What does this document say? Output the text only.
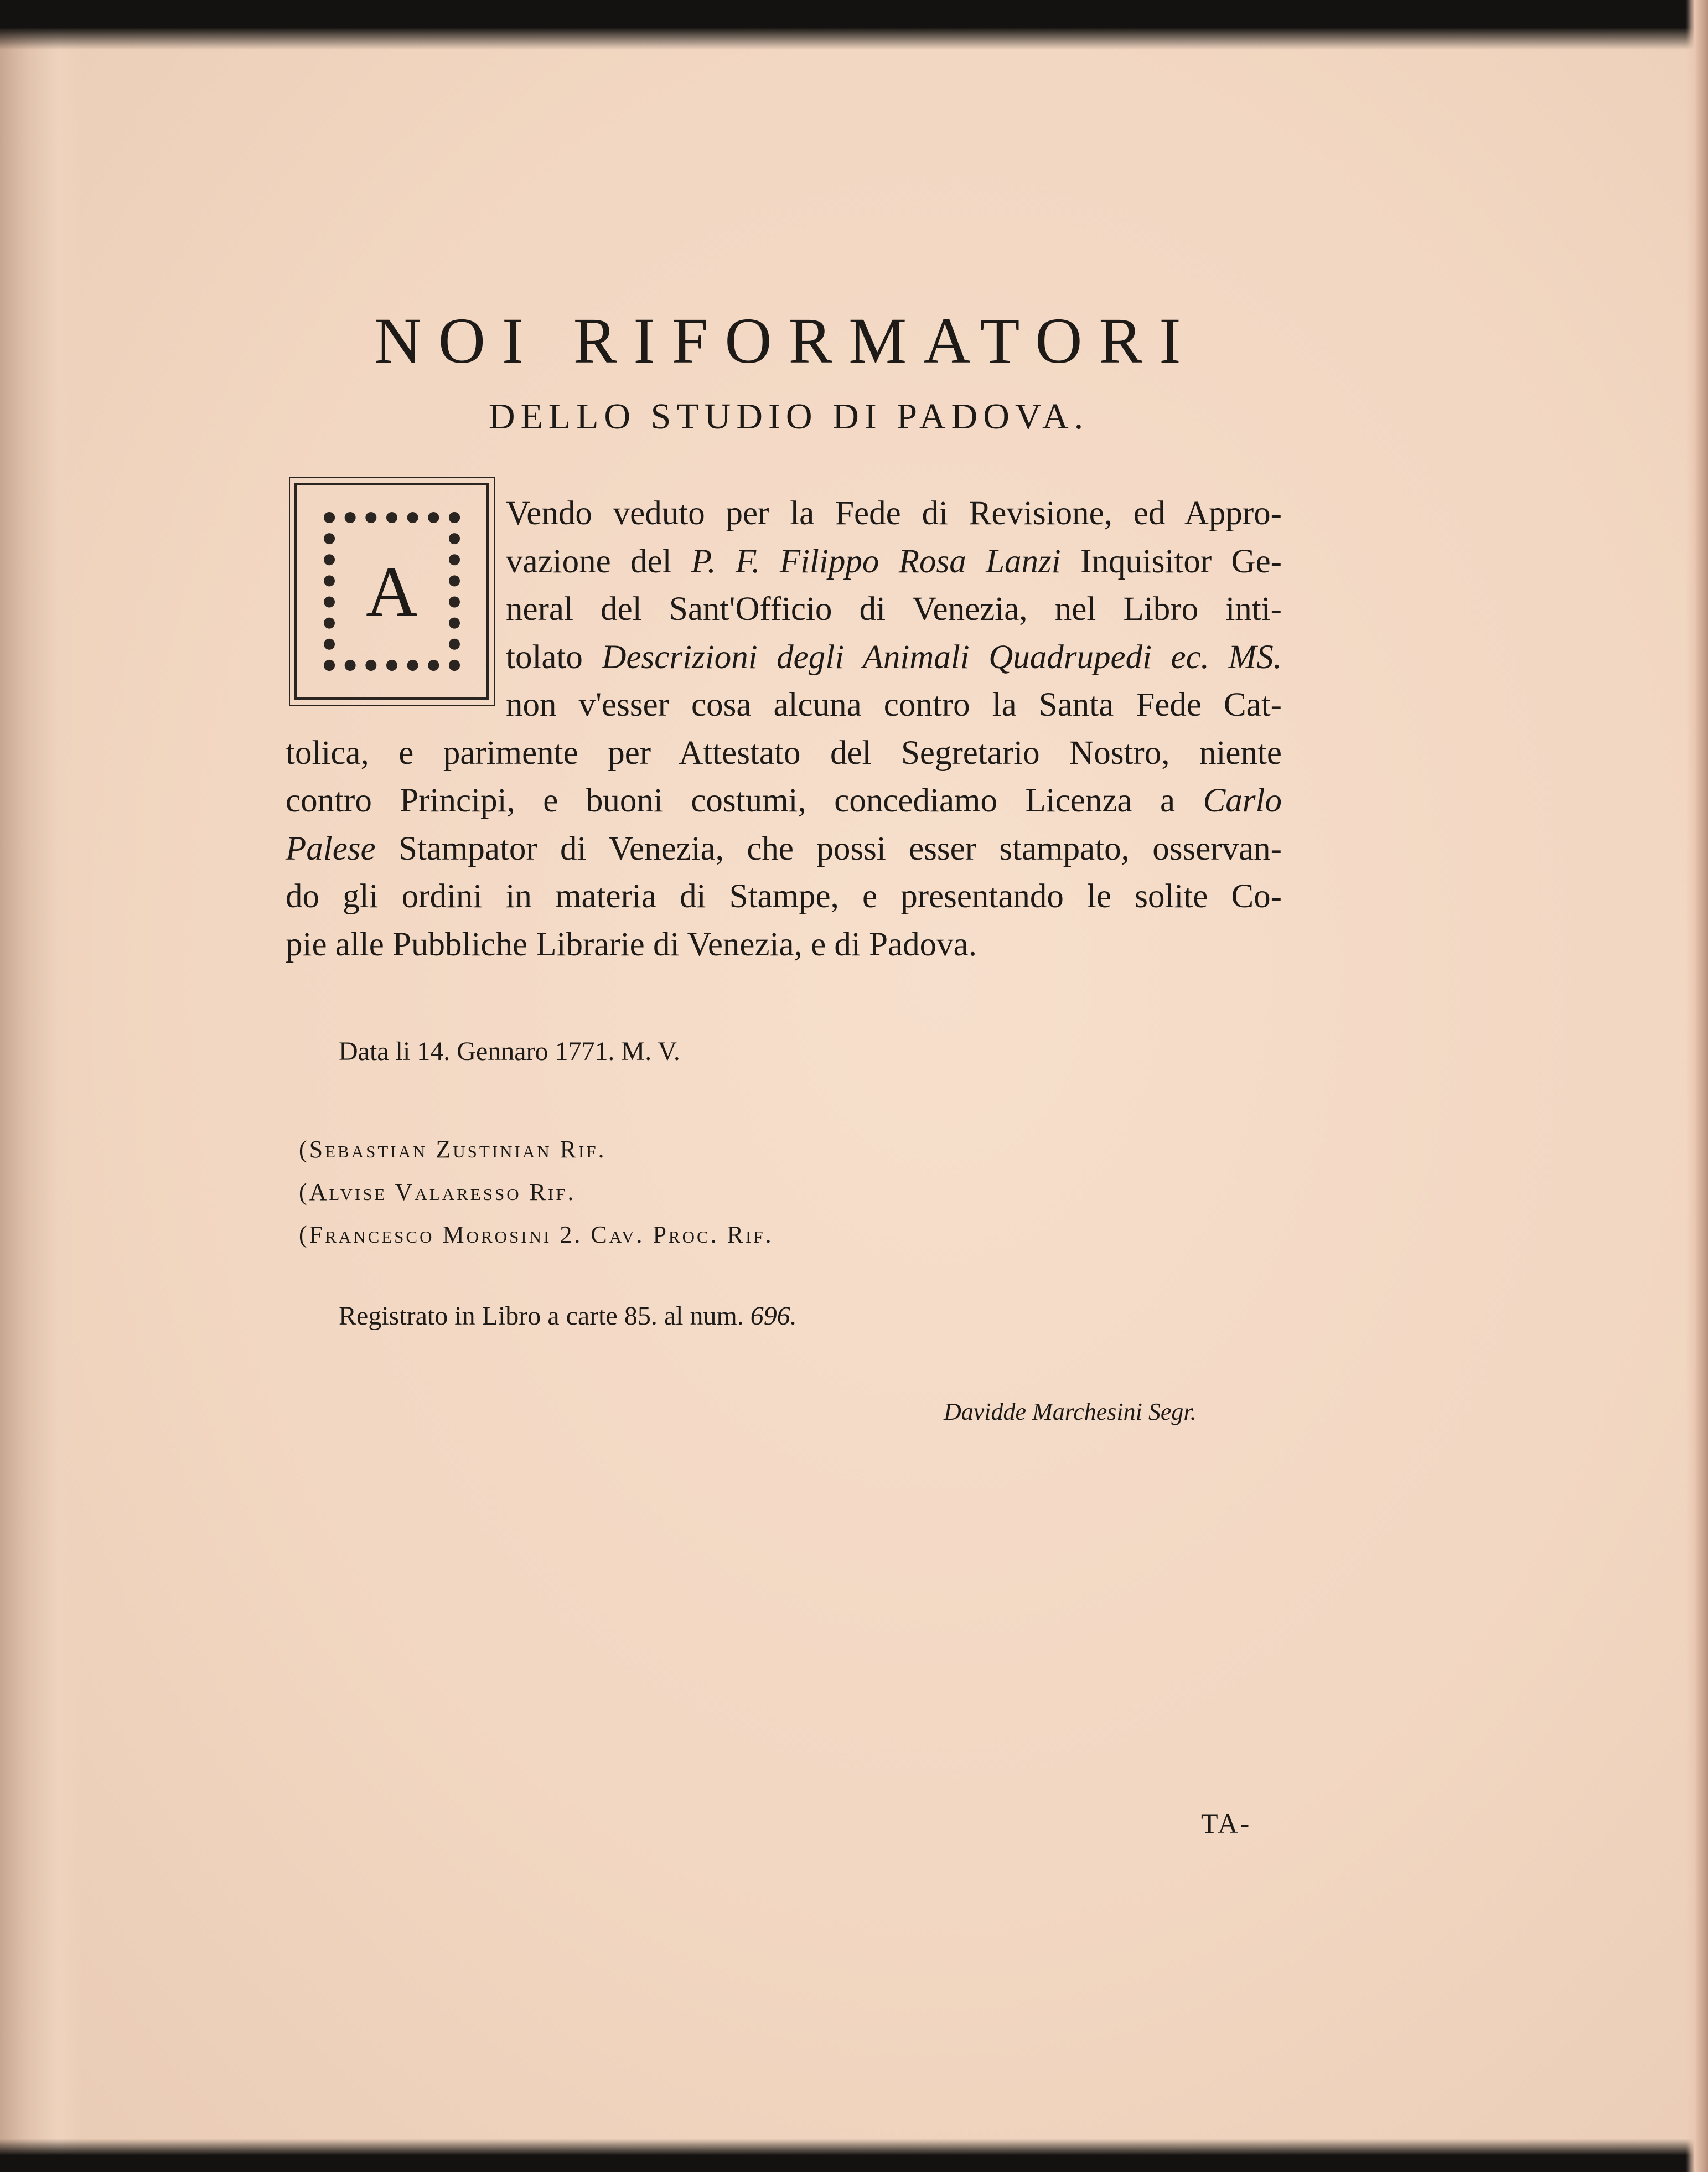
NOI RIFORMATORI
DELLO STUDIO DI PADOVA.
A
Vendo veduto per la Fede di Revisione, ed Appro-
vazione del P. F. Filippo Rosa Lanzi Inquisitor Ge-
neral del Sant'Officio di Venezia, nel Libro inti-
tolato Descrizioni degli Animali Quadrupedi ec. MS.
non v'esser cosa alcuna contro la Santa Fede Cat-
tolica, e parimente per Attestato del Segretario Nostro, niente
contro Principi, e buoni costumi, concediamo Licenza a Carlo
Palese Stampator di Venezia, che possi esser stampato, osservan-
do gli ordini in materia di Stampe, e presentando le solite Co-
pie alle Pubbliche Librarie di Venezia, e di Padova.

Data li 14. Gennaro 1771. M. V.

(Sebastian Zustinian Rif.
(Alvise Valaresso Rif.
(Francesco Morosini 2. Cav. Proc. Rif.

Registrato in Libro a carte 85. al num. 696.

Davidde Marchesini Segr.

TA-
